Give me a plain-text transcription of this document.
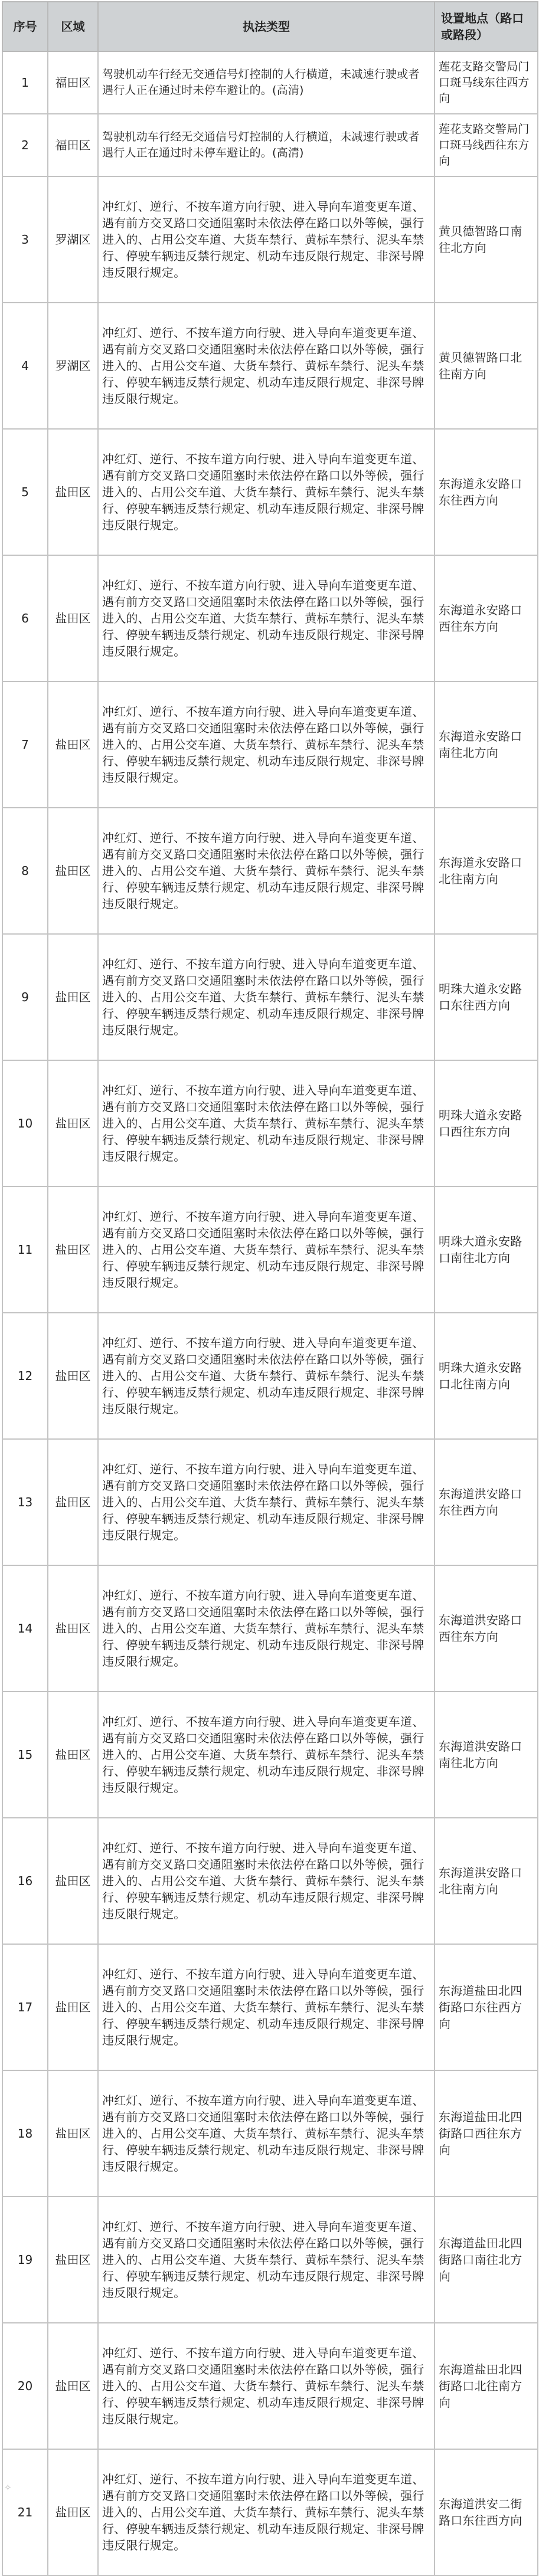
序号	区域	执法类型	设置地点（路口或路段）
1	福田区	驾驶机动车行经无交通信号灯控制的人行横道，未减速行驶或者遇行人正在通过时未停车避让的。(高清)	莲花支路交警局门口斑马线东往西方向
2	福田区	驾驶机动车行经无交通信号灯控制的人行横道，未减速行驶或者遇行人正在通过时未停车避让的。(高清)	莲花支路交警局门口斑马线西往东方向
3	罗湖区	冲红灯、逆行、不按车道方向行驶、进入导向车道变更车道、遇有前方交叉路口交通阻塞时未依法停在路口以外等候，强行进入的、占用公交车道、大货车禁行、黄标车禁行、泥头车禁行、停驶车辆违反禁行规定、机动车违反限行规定、非深号牌违反限行规定。	黄贝德智路口南往北方向
4	罗湖区	冲红灯、逆行、不按车道方向行驶、进入导向车道变更车道、遇有前方交叉路口交通阻塞时未依法停在路口以外等候，强行进入的、占用公交车道、大货车禁行、黄标车禁行、泥头车禁行、停驶车辆违反禁行规定、机动车违反限行规定、非深号牌违反限行规定。	黄贝德智路口北往南方向
5	盐田区	冲红灯、逆行、不按车道方向行驶、进入导向车道变更车道、遇有前方交叉路口交通阻塞时未依法停在路口以外等候，强行进入的、占用公交车道、大货车禁行、黄标车禁行、泥头车禁行、停驶车辆违反禁行规定、机动车违反限行规定、非深号牌违反限行规定。	东海道永安路口东往西方向
6	盐田区	冲红灯、逆行、不按车道方向行驶、进入导向车道变更车道、遇有前方交叉路口交通阻塞时未依法停在路口以外等候，强行进入的、占用公交车道、大货车禁行、黄标车禁行、泥头车禁行、停驶车辆违反禁行规定、机动车违反限行规定、非深号牌违反限行规定。	东海道永安路口西往东方向
7	盐田区	冲红灯、逆行、不按车道方向行驶、进入导向车道变更车道、遇有前方交叉路口交通阻塞时未依法停在路口以外等候，强行进入的、占用公交车道、大货车禁行、黄标车禁行、泥头车禁行、停驶车辆违反禁行规定、机动车违反限行规定、非深号牌违反限行规定。	东海道永安路口南往北方向
8	盐田区	冲红灯、逆行、不按车道方向行驶、进入导向车道变更车道、遇有前方交叉路口交通阻塞时未依法停在路口以外等候，强行进入的、占用公交车道、大货车禁行、黄标车禁行、泥头车禁行、停驶车辆违反禁行规定、机动车违反限行规定、非深号牌违反限行规定。	东海道永安路口北往南方向
9	盐田区	冲红灯、逆行、不按车道方向行驶、进入导向车道变更车道、遇有前方交叉路口交通阻塞时未依法停在路口以外等候，强行进入的、占用公交车道、大货车禁行、黄标车禁行、泥头车禁行、停驶车辆违反禁行规定、机动车违反限行规定、非深号牌违反限行规定。	明珠大道永安路口东往西方向
10	盐田区	冲红灯、逆行、不按车道方向行驶、进入导向车道变更车道、遇有前方交叉路口交通阻塞时未依法停在路口以外等候，强行进入的、占用公交车道、大货车禁行、黄标车禁行、泥头车禁行、停驶车辆违反禁行规定、机动车违反限行规定、非深号牌违反限行规定。	明珠大道永安路口西往东方向
11	盐田区	冲红灯、逆行、不按车道方向行驶、进入导向车道变更车道、遇有前方交叉路口交通阻塞时未依法停在路口以外等候，强行进入的、占用公交车道、大货车禁行、黄标车禁行、泥头车禁行、停驶车辆违反禁行规定、机动车违反限行规定、非深号牌违反限行规定。	明珠大道永安路口南往北方向
12	盐田区	冲红灯、逆行、不按车道方向行驶、进入导向车道变更车道、遇有前方交叉路口交通阻塞时未依法停在路口以外等候，强行进入的、占用公交车道、大货车禁行、黄标车禁行、泥头车禁行、停驶车辆违反禁行规定、机动车违反限行规定、非深号牌违反限行规定。	明珠大道永安路口北往南方向
13	盐田区	冲红灯、逆行、不按车道方向行驶、进入导向车道变更车道、遇有前方交叉路口交通阻塞时未依法停在路口以外等候，强行进入的、占用公交车道、大货车禁行、黄标车禁行、泥头车禁行、停驶车辆违反禁行规定、机动车违反限行规定、非深号牌违反限行规定。	东海道洪安路口东往西方向
14	盐田区	冲红灯、逆行、不按车道方向行驶、进入导向车道变更车道、遇有前方交叉路口交通阻塞时未依法停在路口以外等候，强行进入的、占用公交车道、大货车禁行、黄标车禁行、泥头车禁行、停驶车辆违反禁行规定、机动车违反限行规定、非深号牌违反限行规定。	东海道洪安路口西往东方向
15	盐田区	冲红灯、逆行、不按车道方向行驶、进入导向车道变更车道、遇有前方交叉路口交通阻塞时未依法停在路口以外等候，强行进入的、占用公交车道、大货车禁行、黄标车禁行、泥头车禁行、停驶车辆违反禁行规定、机动车违反限行规定、非深号牌违反限行规定。	东海道洪安路口南往北方向
16	盐田区	冲红灯、逆行、不按车道方向行驶、进入导向车道变更车道、遇有前方交叉路口交通阻塞时未依法停在路口以外等候，强行进入的、占用公交车道、大货车禁行、黄标车禁行、泥头车禁行、停驶车辆违反禁行规定、机动车违反限行规定、非深号牌违反限行规定。	东海道洪安路口北往南方向
17	盐田区	冲红灯、逆行、不按车道方向行驶、进入导向车道变更车道、遇有前方交叉路口交通阻塞时未依法停在路口以外等候，强行进入的、占用公交车道、大货车禁行、黄标车禁行、泥头车禁行、停驶车辆违反禁行规定、机动车违反限行规定、非深号牌违反限行规定。	东海道盐田北四街路口东往西方向
18	盐田区	冲红灯、逆行、不按车道方向行驶、进入导向车道变更车道、遇有前方交叉路口交通阻塞时未依法停在路口以外等候，强行进入的、占用公交车道、大货车禁行、黄标车禁行、泥头车禁行、停驶车辆违反禁行规定、机动车违反限行规定、非深号牌违反限行规定。	东海道盐田北四街路口西往东方向
19	盐田区	冲红灯、逆行、不按车道方向行驶、进入导向车道变更车道、遇有前方交叉路口交通阻塞时未依法停在路口以外等候，强行进入的、占用公交车道、大货车禁行、黄标车禁行、泥头车禁行、停驶车辆违反禁行规定、机动车违反限行规定、非深号牌违反限行规定。	东海道盐田北四街路口南往北方向
20	盐田区	冲红灯、逆行、不按车道方向行驶、进入导向车道变更车道、遇有前方交叉路口交通阻塞时未依法停在路口以外等候，强行进入的、占用公交车道、大货车禁行、黄标车禁行、泥头车禁行、停驶车辆违反禁行规定、机动车违反限行规定、非深号牌违反限行规定。	东海道盐田北四街路口北往南方向
21	盐田区	冲红灯、逆行、不按车道方向行驶、进入导向车道变更车道、遇有前方交叉路口交通阻塞时未依法停在路口以外等候，强行进入的、占用公交车道、大货车禁行、黄标车禁行、泥头车禁行、停驶车辆违反禁行规定、机动车违反限行规定、非深号牌违反限行规定。	东海道洪安二街路口东往西方向
⟡
